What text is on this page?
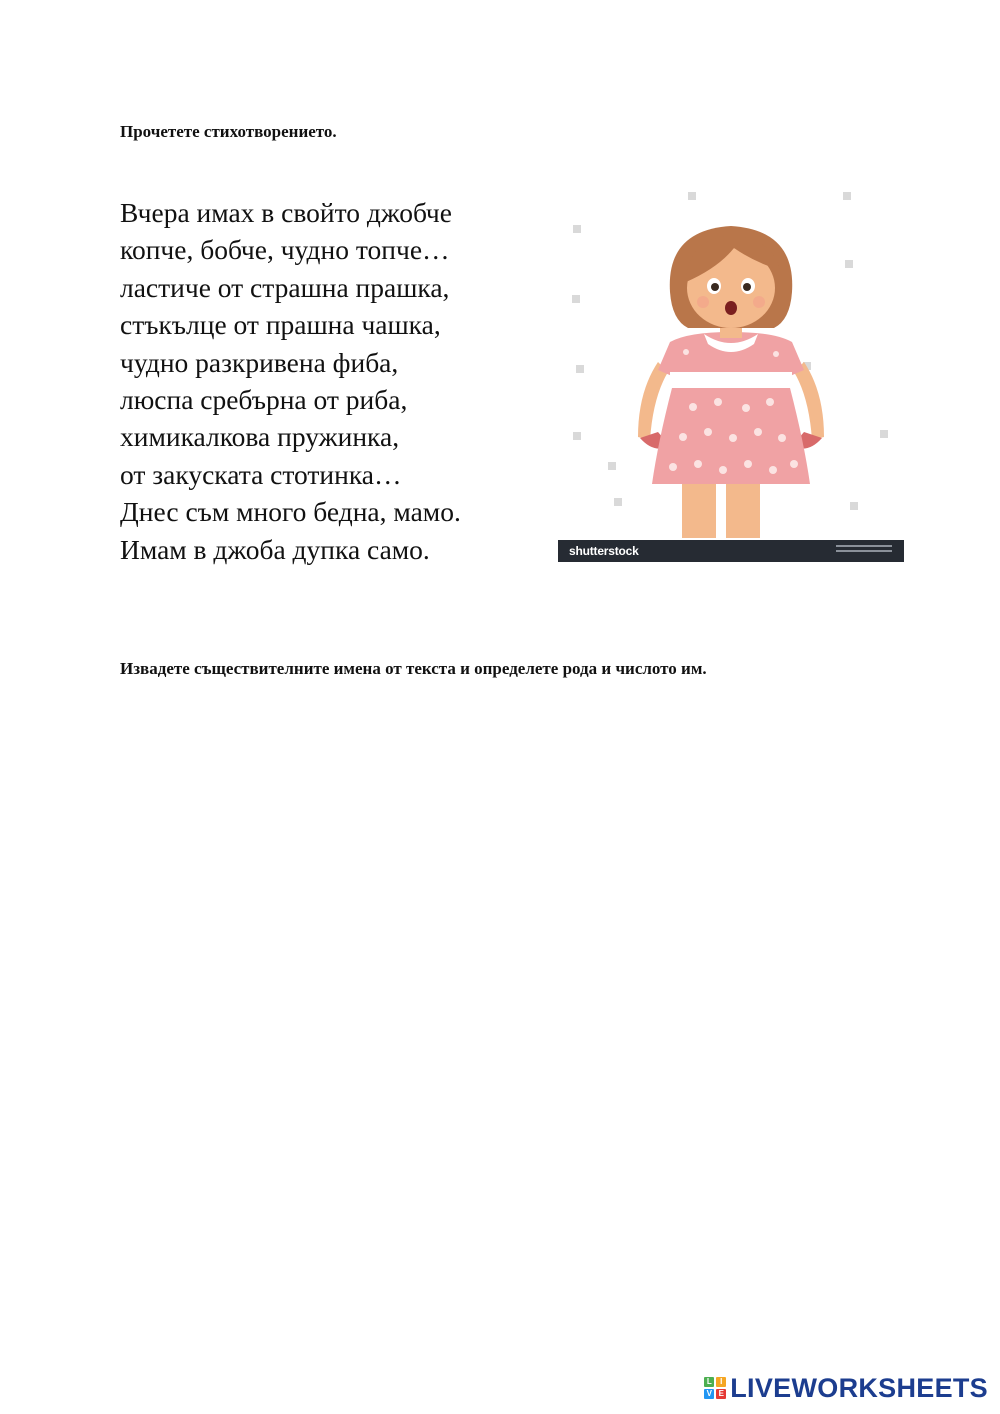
Прочетете стихотворението.

Вчера имах в свойто джобче
копче, бобче, чудно топче…
ластиче от страшна прашка,
стъкълце от прашна чашка,
чудно разкривена фиба,
люспа сребърна от риба,
химикалкова пружинка,
от закуската стотинка…
Днес съм много бедна, мамо.
Имам в джоба дупка само.	shutterstock

Извадете съществителните имена от текста и определете рода и числото им.

L	I
V E LIVEWORKSHEETS
